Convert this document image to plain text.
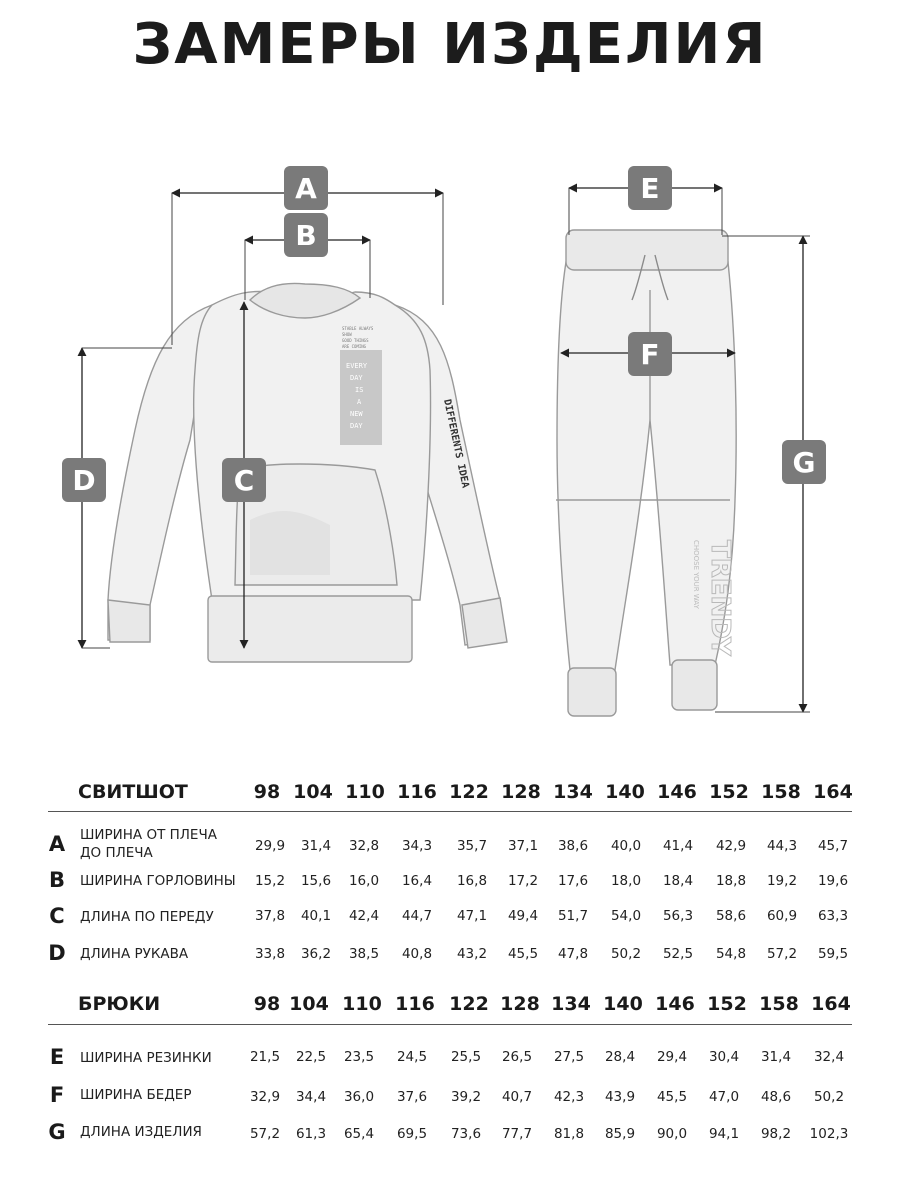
ЗАМЕРЫ ИЗДЕЛИЯ
STABLE ALWAYS
SHOW
GOOD THINGS
ARE COMING
EVERY
DAY
IS
A
NEW
DAY	DIFFERENTS IDEA
TRENDY
CHOOSE YOUR WAY
A
B
C
D
E
F
G
СВИТШОТ	98 104 110 116 122 128 134 140 146 152 158 164
A	ШИРИНА ОТ ПЛЕЧА ДО ПЛЕЧА	29,9	31,4	32,8	34,3	35,7	37,1	38,6	40,0	41,4	42,9	44,3	45,7
B	ШИРИНА ГОРЛОВИНЫ	15,2	15,6	16,0	16,4	16,8	17,2	17,6	18,0	18,4	18,8	19,2	19,6
C	ДЛИНА ПО ПЕРЕДУ	37,8	40,1	42,4	44,7	47,1	49,4	51,7	54,0	56,3	58,6	60,9	63,3
D	ДЛИНА РУКАВА	33,8	36,2	38,5	40,8	43,2	45,5	47,8	50,2	52,5	54,8	57,2	59,5
БРЮКИ	98 104 110 116 122 128 134 140 146 152 158 164
E	ШИРИНА РЕЗИНКИ	21,5	22,5	23,5	24,5	25,5	26,5	27,5	28,4	29,4	30,4	31,4	32,4
F	ШИРИНА БЕДЕР	32,9	34,4	36,0	37,6	39,2	40,7	42,3	43,9	45,5	47,0	48,6	50,2
G	ДЛИНА ИЗДЕЛИЯ	57,2	61,3	65,4	69,5	73,6	77,7	81,8	85,9	90,0	94,1	98,2	102,3
